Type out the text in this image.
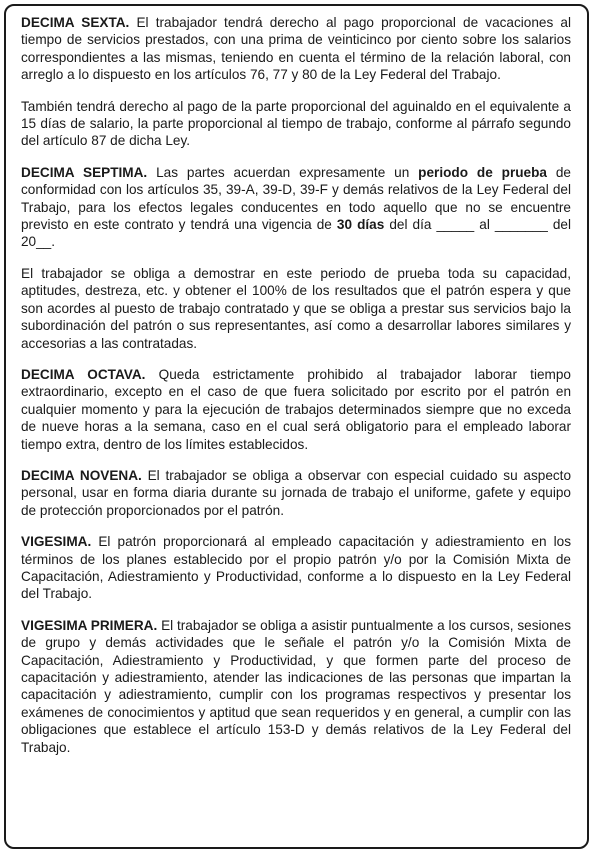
DECIMA SEXTA. El trabajador tendrá derecho al pago proporcional de vacaciones al tiempo de servicios prestados, con una prima de veinticinco por ciento sobre los salarios correspondientes a las mismas, teniendo en cuenta el término de la relación laboral, con arreglo a lo dispuesto en los artículos 76, 77 y 80 de la Ley Federal del Trabajo.

También tendrá derecho al pago de la parte proporcional del aguinaldo en el equivalente a 15 días de salario, la parte proporcional al tiempo de trabajo, conforme al párrafo segundo del artículo 87 de dicha Ley.

DECIMA SEPTIMA. Las partes acuerdan expresamente un periodo de prueba de conformidad con los artículos 35, 39-A, 39-D, 39-F y demás relativos de la Ley Federal del Trabajo, para los efectos legales conducentes en todo aquello que no se encuentre previsto en este contrato y tendrá una vigencia de 30 días del día _____ al _______ del 20__.

El trabajador se obliga a demostrar en este periodo de prueba toda su capacidad, aptitudes, destreza, etc. y obtener el 100% de los resultados que el patrón espera y que son acordes al puesto de trabajo contratado y que se obliga a prestar sus servicios bajo la subordinación del patrón o sus representantes, así como a desarrollar labores similares y accesorias a las contratadas.

DECIMA OCTAVA. Queda estrictamente prohibido al trabajador laborar tiempo extraordinario, excepto en el caso de que fuera solicitado por escrito por el patrón en cualquier momento y para la ejecución de trabajos determinados siempre que no exceda de nueve horas a la semana, caso en el cual será obligatorio para el empleado laborar tiempo extra, dentro de los límites establecidos.

DECIMA NOVENA. El trabajador se obliga a observar con especial cuidado su aspecto personal, usar en forma diaria durante su jornada de trabajo el uniforme, gafete y equipo de protección proporcionados por el patrón.

VIGESIMA. El patrón proporcionará al empleado capacitación y adiestramiento en los términos de los planes establecido por el propio patrón y/o por la Comisión Mixta de Capacitación, Adiestramiento y Productividad, conforme a lo dispuesto en la Ley Federal del Trabajo.

VIGESIMA PRIMERA. El trabajador se obliga a asistir puntualmente a los cursos, sesiones de grupo y demás actividades que le señale el patrón y/o la Comisión Mixta de Capacitación, Adiestramiento y Productividad, y que formen parte del proceso de capacitación y adiestramiento, atender las indicaciones de las personas que impartan la capacitación y adiestramiento, cumplir con los programas respectivos y presentar los exámenes de conocimientos y aptitud que sean requeridos y en general, a cumplir con las obligaciones que establece el artículo 153-D y demás relativos de la Ley Federal del Trabajo.
